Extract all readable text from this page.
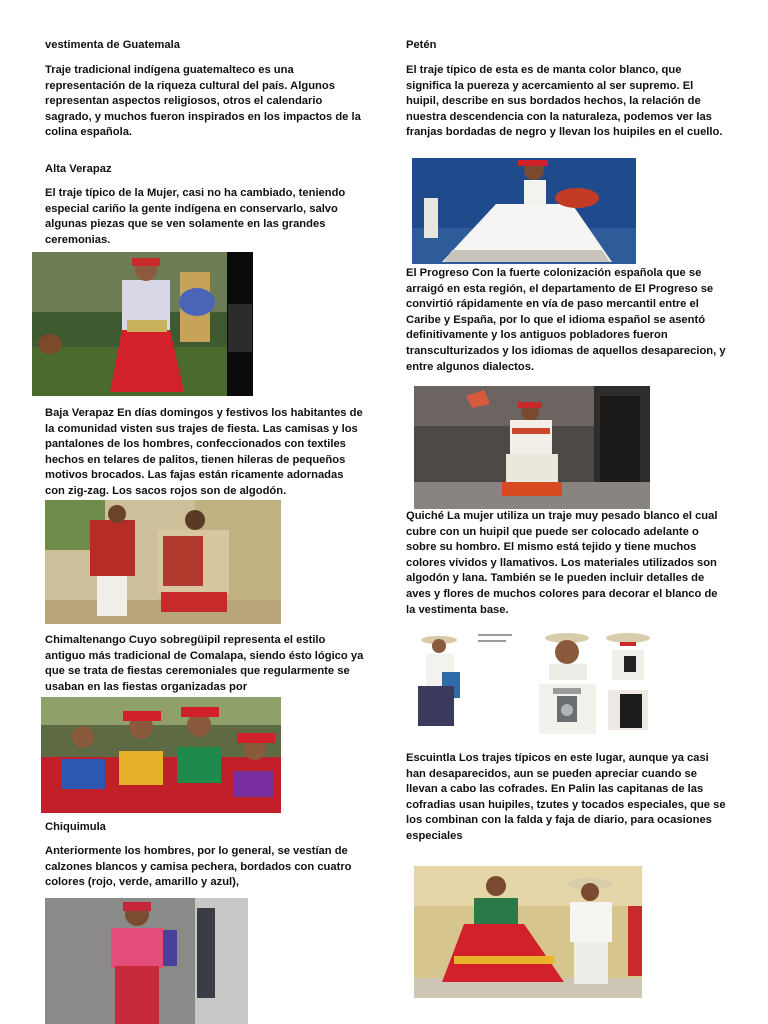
vestimenta de Guatemala

Traje tradicional indígena guatemalteco es una representación de la riqueza cultural del país. Algunos representan aspectos religiosos, otros el calendario sagrado, y muchos fueron inspirados en los impactos de la colina española.

Alta Verapaz

El traje típico de la Mujer, casi no ha cambiado, teniendo especial cariño la gente indígena en conservarlo, salvo algunas piezas que se ven solamente en las grandes ceremonias.

Baja Verapaz En días domingos y festivos los habitantes de la comunidad visten sus trajes de fiesta. Las camisas y los pantalones de los hombres, confeccionados con textiles hechos en telares de palitos, tienen hileras de pequeños motivos brocados. Las fajas están ricamente adornadas con zig-zag. Los sacos rojos son de algodón.

Chimaltenango Cuyo sobregüipil representa el estilo antiguo más tradicional de Comalapa, siendo ésto lógico ya que se trata de fiestas ceremoniales que regularmente se usaban en las fiestas organizadas por

Chiquimula

Anteriormente los hombres, por lo general, se vestían de calzones blancos y camisa pechera, bordados con cuatro colores (rojo, verde, amarillo y azul),

Petén

El traje típico de esta es de manta color blanco, que significa la puereza y acercamiento al ser supremo. El huipil, describe en sus bordados hechos, la relación de nuestra descendencia con la naturaleza, podemos ver las franjas bordadas de negro y llevan los huipiles en el cuello.

El Progreso Con la fuerte colonización española que se arraigó en esta región, el departamento de El Progreso se convirtió rápidamente en vía de paso mercantil entre el Caribe y España, por lo que el idioma español se asentó definitivamente y los antiguos pobladores fueron transculturizados y los idiomas de aquellos desaparecion, y entre algunos dialectos.

Quiché La mujer utiliza un traje muy pesado blanco el cual cubre con un huipil que puede ser colocado adelante o sobre su hombro. El mismo está tejido y tiene muchos colores vívidos y llamativos. Los materiales utilizados son algodón y lana. También se le pueden incluir detalles de aves y flores de muchos colores para decorar el blanco de la vestimenta base.

Escuintla Los trajes típicos en este lugar, aunque ya casi han desaparecidos, aun se pueden apreciar cuando se llevan a cabo las cofrades. En Palin las capitanas de las cofradias usan huipiles, tzutes y tocados especiales, que se los combinan con la falda y faja de diario, para ocasiones especiales
